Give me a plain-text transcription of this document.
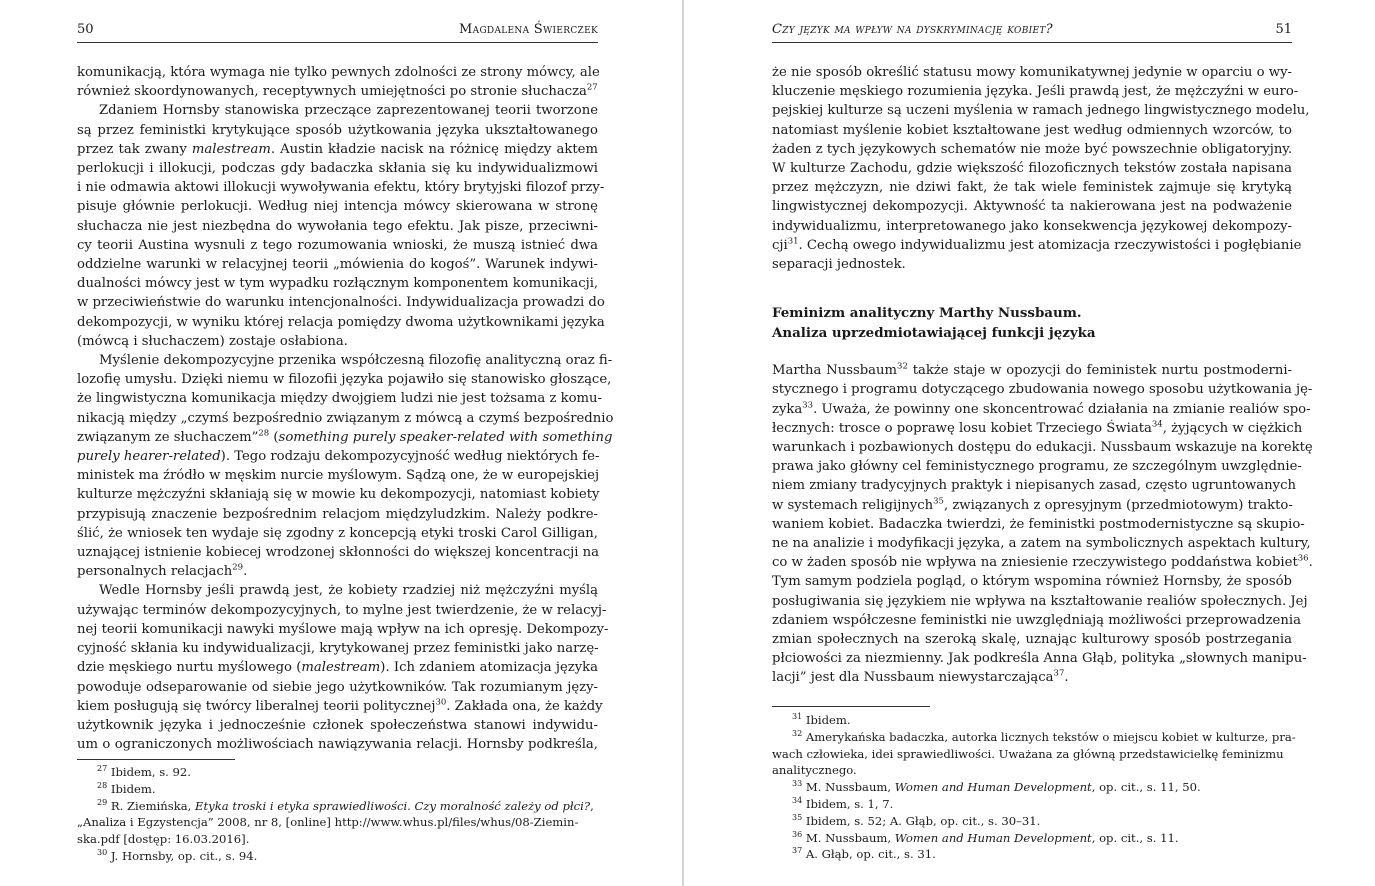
50	Magdalena Świerczek
komunikacją, która wymaga nie tylko pewnych zdolności ze strony mówcy, ale
również skoordynowanych, receptywnych umiejętności po stronie słuchacza$^{27}$
Zdaniem Hornsby stanowiska przeczące zaprezentowanej teorii tworzone
są przez feministki krytykujące sposób użytkowania języka ukształtowanego
przez tak zwany malestream. Austin kładzie nacisk na różnicę między aktem
perlokucji i illokucji, podczas gdy badaczka skłania się ku indywidualizmowi
i nie odmawia aktowi illokucji wywoływania efektu, który brytyjski filozof przy-
pisuje głównie perlokucji. Według niej intencja mówcy skierowana w stronę
słuchacza nie jest niezbędna do wywołania tego efektu. Jak pisze, przeciwni-
cy teorii Austina wysnuli z tego rozumowania wnioski, że muszą istnieć dwa
oddzielne warunki w relacyjnej teorii „mówienia do kogoś”. Warunek indywi-
dualności mówcy jest w tym wypadku rozłącznym komponentem komunikacji,
w przeciwieństwie do warunku intencjonalności. Indywidualizacja prowadzi do
dekompozycji, w wyniku której relacja pomiędzy dwoma użytkownikami języka
(mówcą i słuchaczem) zostaje osłabiona.
Myślenie dekompozycyjne przenika współczesną filozofię analityczną oraz fi-
lozofię umysłu. Dzięki niemu w filozofii języka pojawiło się stanowisko głoszące,
że lingwistyczna komunikacja między dwojgiem ludzi nie jest tożsama z komu-
nikacją między „czymś bezpośrednio związanym z mówcą a czymś bezpośrednio
związanym ze słuchaczem”$^{28}$ (something purely speaker-related with something
purely hearer-related). Tego rodzaju dekompozycyjność według niektórych fe-
ministek ma źródło w męskim nurcie myślowym. Sądzą one, że w europejskiej
kulturze mężczyźni skłaniają się w mowie ku dekompozycji, natomiast kobiety
przypisują znaczenie bezpośrednim relacjom międzyludzkim. Należy podkre-
ślić, że wniosek ten wydaje się zgodny z koncepcją etyki troski Carol Gilligan,
uznającej istnienie kobiecej wrodzonej skłonności do większej koncentracji na
personalnych relacjach$^{29}$.
Wedle Hornsby jeśli prawdą jest, że kobiety rzadziej niż mężczyźni myślą
używając terminów dekompozycyjnych, to mylne jest twierdzenie, że w relacyj-
nej teorii komunikacji nawyki myślowe mają wpływ na ich opresję. Dekompozy-
cyjność skłania ku indywidualizacji, krytykowanej przez feministki jako narzę-
dzie męskiego nurtu myślowego (malestream). Ich zdaniem atomizacja języka
powoduje odseparowanie od siebie jego użytkowników. Tak rozumianym języ-
kiem posługują się twórcy liberalnej teorii politycznej$^{30}$. Zakłada ona, że każdy
użytkownik języka i jednocześnie członek społeczeństwa stanowi indywidu-
um o ograniczonych możliwościach nawiązywania relacji. Hornsby podkreśla,
$^{27}$ Ibidem, s. 92.
$^{28}$ Ibidem.
$^{29}$ R. Ziemińska, Etyka troski i etyka sprawiedliwości. Czy moralność zależy od płci?,
„Analiza i Egzystencja” 2008, nr 8, [online] http://www.whus.pl/files/whus/08-Ziemin-
ska.pdf [dostęp: 16.03.2016].
$^{30}$ J. Hornsby, op. cit., s. 94.
Czy język ma wpływ na dyskryminację kobiet?	51
że nie sposób określić statusu mowy komunikatywnej jedynie w oparciu o wy-
kluczenie męskiego rozumienia języka. Jeśli prawdą jest, że mężczyźni w euro-
pejskiej kulturze są uczeni myślenia w ramach jednego lingwistycznego modelu,
natomiast myślenie kobiet kształtowane jest według odmiennych wzorców, to
żaden z tych językowych schematów nie może być powszechnie obligatoryjny.
W kulturze Zachodu, gdzie większość filozoficznych tekstów została napisana
przez mężczyzn, nie dziwi fakt, że tak wiele feministek zajmuje się krytyką
lingwistycznej dekompozycji. Aktywność ta nakierowana jest na podważenie
indywidualizmu, interpretowanego jako konsekwencja językowej dekompozy-
cji$^{31}$. Cechą owego indywidualizmu jest atomizacja rzeczywistości i pogłębianie
separacji jednostek.

Feminizm analityczny Marthy Nussbaum.
Analiza uprzedmiotawiającej funkcji języka

Martha Nussbaum$^{32}$ także staje w opozycji do feministek nurtu postmoderni-
stycznego i programu dotyczącego zbudowania nowego sposobu użytkowania ję-
zyka$^{33}$. Uważa, że powinny one skoncentrować działania na zmianie realiów spo-
łecznych: trosce o poprawę losu kobiet Trzeciego Świata$^{34}$, żyjących w ciężkich
warunkach i pozbawionych dostępu do edukacji. Nussbaum wskazuje na korektę
prawa jako główny cel feministycznego programu, ze szczególnym uwzględnie-
niem zmiany tradycyjnych praktyk i niepisanych zasad, często ugruntowanych
w systemach religijnych$^{35}$, związanych z opresyjnym (przedmiotowym) trakto-
waniem kobiet. Badaczka twierdzi, że feministki postmodernistyczne są skupio-
ne na analizie i modyfikacji języka, a zatem na symbolicznych aspektach kultury,
co w żaden sposób nie wpływa na zniesienie rzeczywistego poddaństwa kobiet$^{36}$.
Tym samym podziela pogląd, o którym wspomina również Hornsby, że sposób
posługiwania się językiem nie wpływa na kształtowanie realiów społecznych. Jej
zdaniem współczesne feministki nie uwzględniają możliwości przeprowadzenia
zmian społecznych na szeroką skalę, uznając kulturowy sposób postrzegania
płciowości za niezmienny. Jak podkreśla Anna Głąb, polityka „słownych manipu-
lacji” jest dla Nussbaum niewystarczająca$^{37}$.
$^{31}$ Ibidem.
$^{32}$ Amerykańska badaczka, autorka licznych tekstów o miejscu kobiet w kulturze, pra-
wach człowieka, idei sprawiedliwości. Uważana za główną przedstawicielkę feminizmu
analitycznego.
$^{33}$ M. Nussbaum, Women and Human Development, op. cit., s. 11, 50.
$^{34}$ Ibidem, s. 1, 7.
$^{35}$ Ibidem, s. 52; A. Głąb, op. cit., s. 30–31.
$^{36}$ M. Nussbaum, Women and Human Development, op. cit., s. 11.
$^{37}$ A. Głąb, op. cit., s. 31.
